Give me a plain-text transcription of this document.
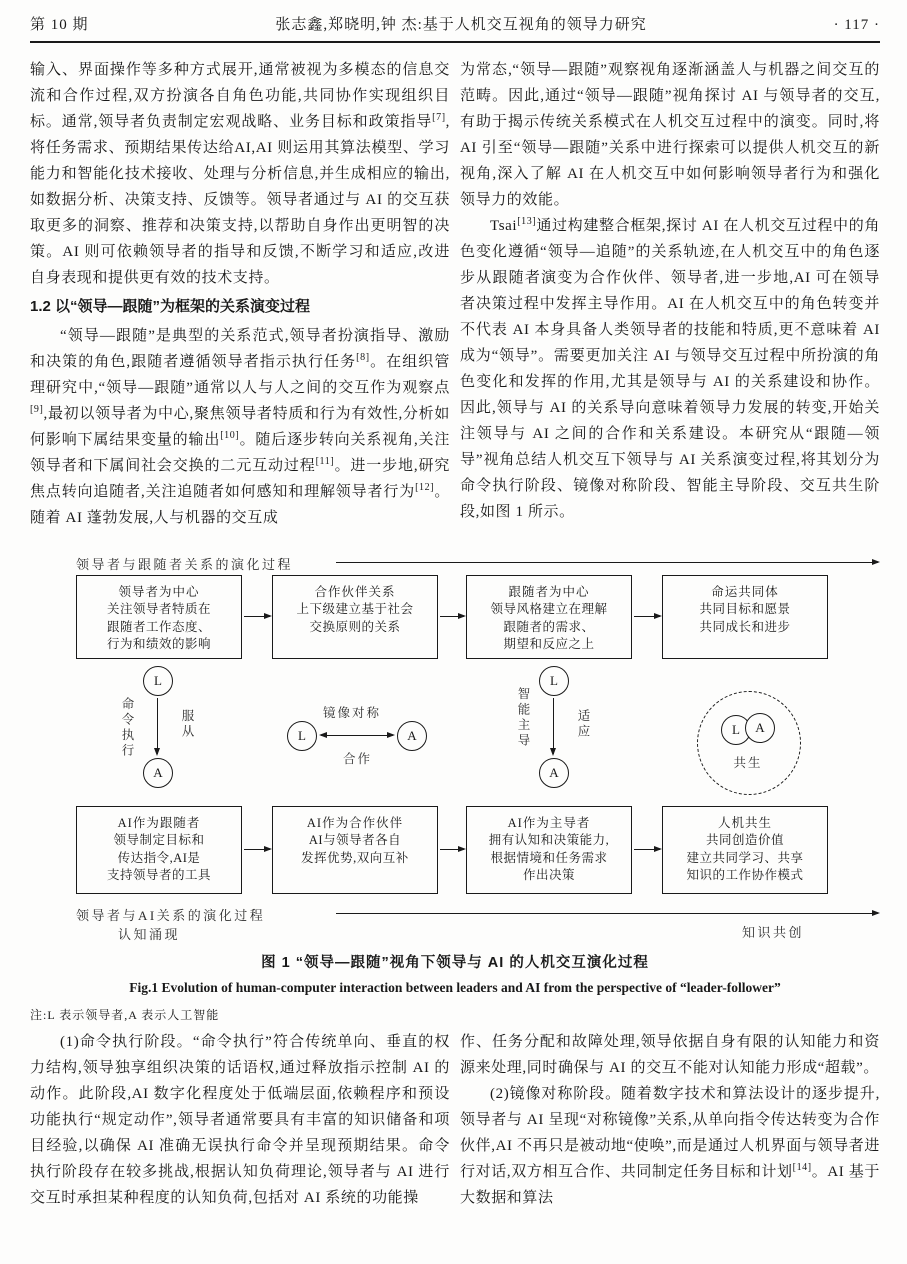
第 10 期	张志鑫,郑晓明,钟 杰:基于人机交互视角的领导力研究	· 117 ·

输入、界面操作等多种方式展开,通常被视为多模态的信息交流和合作过程,双方扮演各自角色功能,共同协作实现组织目标。通常,领导者负责制定宏观战略、业务目标和政策指导[7],将任务需求、预期结果传达给AI,AI 则运用其算法模型、学习能力和智能化技术接收、处理与分析信息,并生成相应的输出,如数据分析、决策支持、反馈等。领导者通过与 AI 的交互获取更多的洞察、推荐和决策支持,以帮助自身作出更明智的决策。AI 则可依赖领导者的指导和反馈,不断学习和适应,改进自身表现和提供更有效的技术支持。

1.2 以“领导—跟随”为框架的关系演变过程

“领导—跟随”是典型的关系范式,领导者扮演指导、激励和决策的角色,跟随者遵循领导者指示执行任务[8]。在组织管理研究中,“领导—跟随”通常以人与人之间的交互作为观察点[9],最初以领导者为中心,聚焦领导者特质和行为有效性,分析如何影响下属结果变量的输出[10]。随后逐步转向关系视角,关注领导者和下属间社会交换的二元互动过程[11]。进一步地,研究焦点转向追随者,关注追随者如何感知和理解领导者行为[12]。随着 AI 蓬勃发展,人与机器的交互成

为常态,“领导—跟随”观察视角逐渐涵盖人与机器之间交互的范畴。因此,通过“领导—跟随”视角探讨 AI 与领导者的交互,有助于揭示传统关系模式在人机交互过程中的演变。同时,将 AI 引至“领导—跟随”关系中进行探索可以提供人机交互的新视角,深入了解 AI 在人机交互中如何影响领导者行为和强化领导力的效能。

Tsai[13]通过构建整合框架,探讨 AI 在人机交互过程中的角色变化遵循“领导—追随”的关系轨迹,在人机交互中的角色逐步从跟随者演变为合作伙伴、领导者,进一步地,AI 可在领导者决策过程中发挥主导作用。AI 在人机交互中的角色转变并不代表 AI 本身具备人类领导者的技能和特质,更不意味着 AI 成为“领导”。需要更加关注 AI 与领导交互过程中所扮演的角色变化和发挥的作用,尤其是领导与 AI 的关系建设和协作。因此,领导与 AI 的关系导向意味着领导力发展的转变,开始关注领导与 AI 之间的合作和关系建设。本研究从“跟随—领导”视角总结人机交互下领导与 AI 关系演变过程,将其划分为命令执行阶段、镜像对称阶段、智能主导阶段、交互共生阶段,如图 1 所示。

领导者与跟随者关系的演化过程
领导者为中心
关注领导者特质在
跟随者工作态度、
行为和绩效的影响
合作伙伴关系
上下级建立基于社会
交换原则的关系
跟随者为中心
领导风格建立在理解
跟随者的需求、
期望和反应之上
命运共同体
共同目标和愿景
共同成长和进步
L
A
命令执行	服从	镜像对称
L	A
合作
L
A
智能主导	适应	L	A
共生
AI作为跟随者
领导制定目标和
传达指令,AI是
支持领导者的工具
AI作为合作伙伴
AI与领导者各自
发挥优势,双向互补
AI作为主导者
拥有认知和决策能力,
根据情境和任务需求
作出决策
人机共生
共同创造价值
建立共同学习、共享
知识的工作协作模式
领导者与AI关系的演化过程
认知涌现	知识共创
图 1 “领导—跟随”视角下领导与 AI 的人机交互演化过程
Fig.1 Evolution of human-computer interaction between leaders and AI from the perspective of “leader-follower”
注:L 表示领导者,A 表示人工智能

(1)命令执行阶段。“命令执行”符合传统单向、垂直的权力结构,领导独享组织决策的话语权,通过释放指示控制 AI 的动作。此阶段,AI 数字化程度处于低端层面,依赖程序和预设功能执行“规定动作”,领导者通常要具有丰富的知识储备和项目经验,以确保 AI 准确无误执行命令并呈现预期结果。命令执行阶段存在较多挑战,根据认知负荷理论,领导者与 AI 进行交互时承担某种程度的认知负荷,包括对 AI 系统的功能操

作、任务分配和故障处理,领导依据自身有限的认知能力和资源来处理,同时确保与 AI 的交互不能对认知能力形成“超载”。

(2)镜像对称阶段。随着数字技术和算法设计的逐步提升,领导者与 AI 呈现“对称镜像”关系,从单向指令传达转变为合作伙伴,AI 不再只是被动地“使唤”,而是通过人机界面与领导者进行对话,双方相互合作、共同制定任务目标和计划[14]。AI 基于大数据和算法
